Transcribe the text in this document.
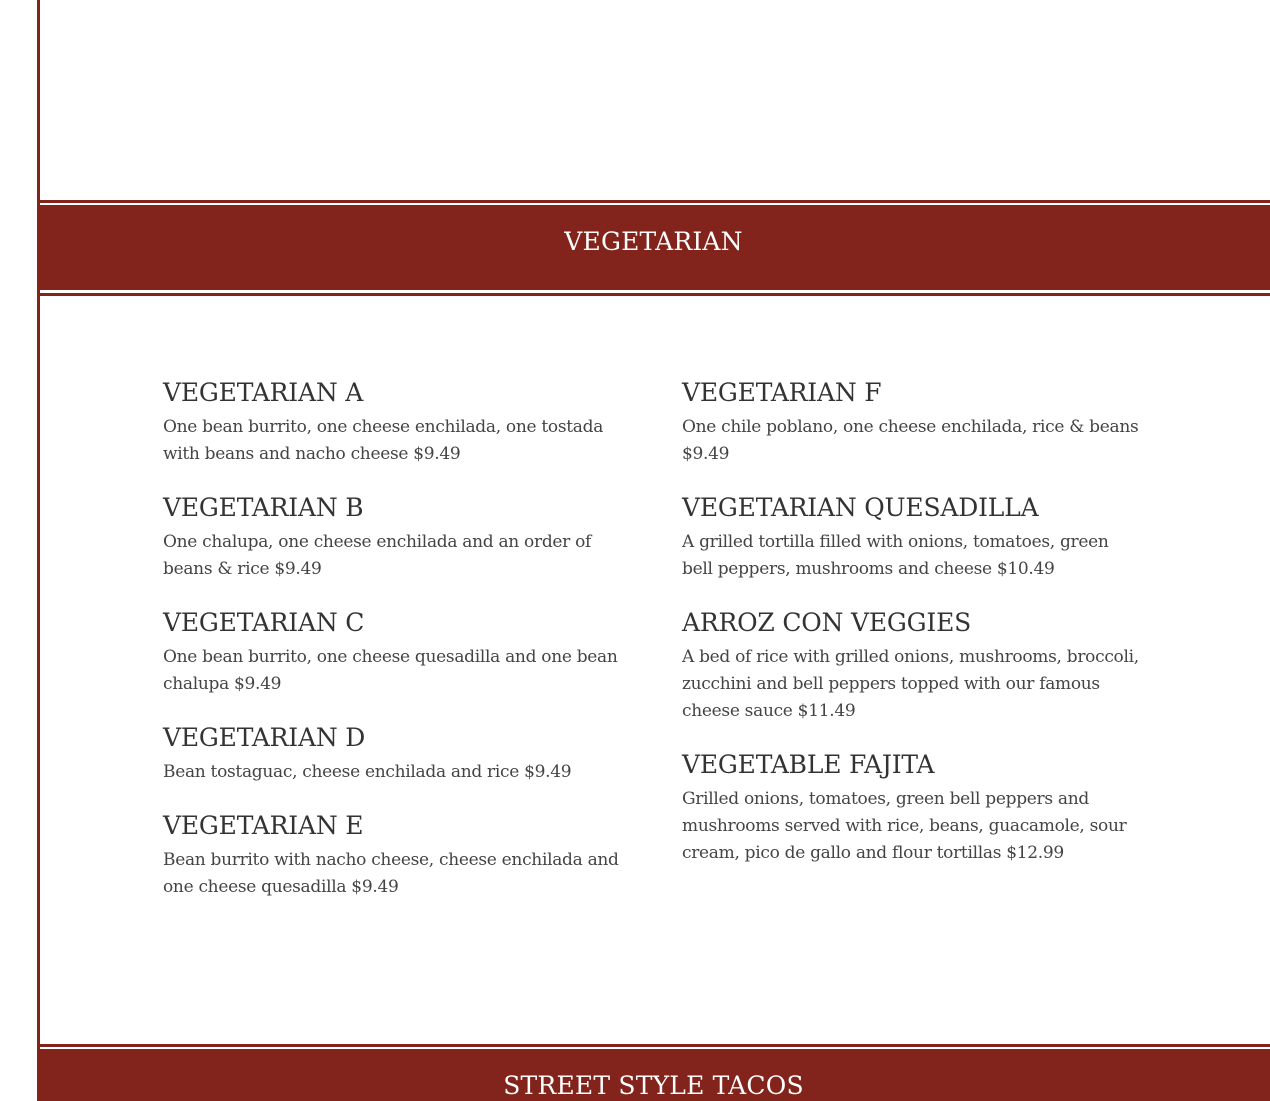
VEGETARIAN
VEGETARIAN A
One bean burrito, one cheese enchilada, one tostada with beans and nacho cheese $9.49
VEGETARIAN B
One chalupa, one cheese enchilada and an order of beans & rice $9.49
VEGETARIAN C
One bean burrito, one cheese quesadilla and one bean chalupa $9.49
VEGETARIAN D
Bean tostaguac, cheese enchilada and rice $9.49
VEGETARIAN E
Bean burrito with nacho cheese, cheese enchilada and one cheese quesadilla $9.49
VEGETARIAN F
One chile poblano, one cheese enchilada, rice & beans $9.49
VEGETARIAN QUESADILLA
A grilled tortilla filled with onions, tomatoes, green bell peppers, mushrooms and cheese $10.49
ARROZ CON VEGGIES
A bed of rice with grilled onions, mushrooms, broccoli, zucchini and bell peppers topped with our famous cheese sauce $11.49
VEGETABLE FAJITA
Grilled onions, tomatoes, green bell peppers and mushrooms served with rice, beans, guacamole, sour cream, pico de gallo and flour tortillas $12.99
STREET STYLE TACOS
